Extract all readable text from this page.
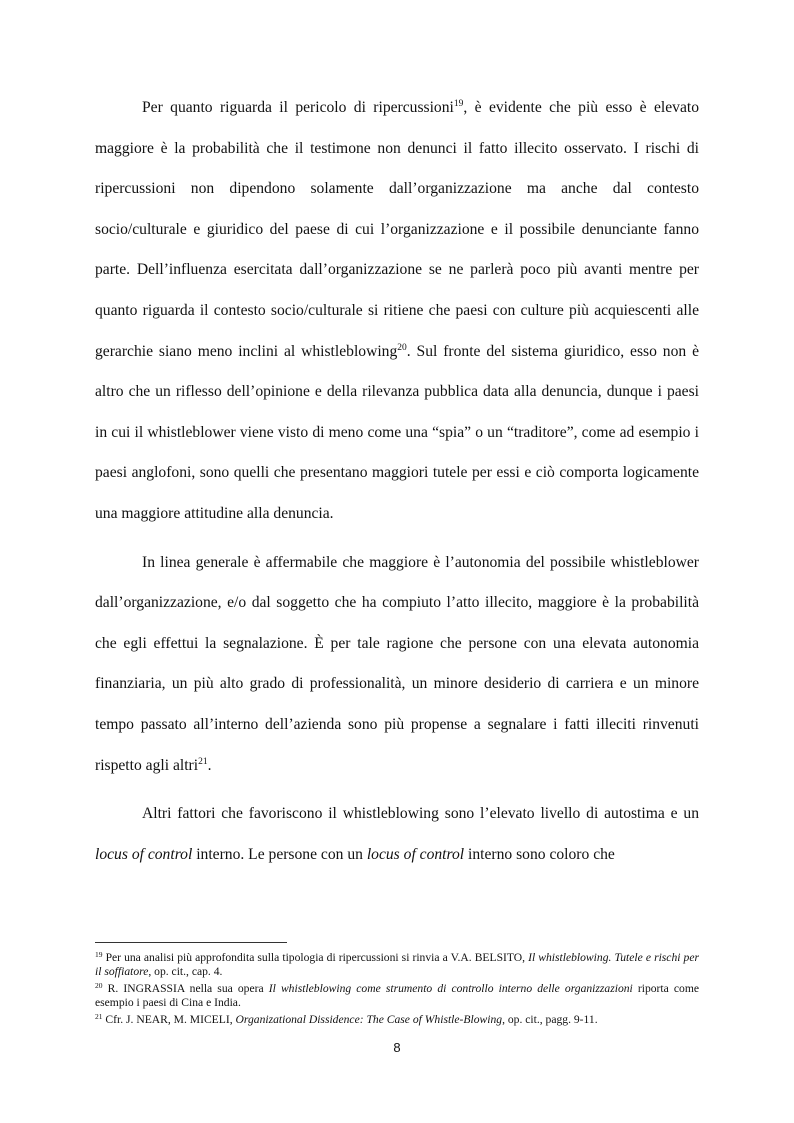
Per quanto riguarda il pericolo di ripercussioni$^{19}$, è evidente che più esso è elevato maggiore è la probabilità che il testimone non denunci il fatto illecito osservato. I rischi di ripercussioni non dipendono solamente dall’organizzazione ma anche dal contesto socio/culturale e giuridico del paese di cui l’organizzazione e il possibile denunciante fanno parte. Dell’influenza esercitata dall’organizzazione se ne parlerà poco più avanti mentre per quanto riguarda il contesto socio/culturale si ritiene che paesi con culture più acquiescenti alle gerarchie siano meno inclini al whistleblowing$^{20}$. Sul fronte del sistema giuridico, esso non è altro che un riflesso dell’opinione e della rilevanza pubblica data alla denuncia, dunque i paesi in cui il whistleblower viene visto di meno come una “spia” o un “traditore”, come ad esempio i paesi anglofoni, sono quelli che presentano maggiori tutele per essi e ciò comporta logicamente una maggiore attitudine alla denuncia.

In linea generale è affermabile che maggiore è l’autonomia del possibile whistleblower dall’organizzazione, e/o dal soggetto che ha compiuto l’atto illecito, maggiore è la probabilità che egli effettui la segnalazione. È per tale ragione che persone con una elevata autonomia finanziaria, un più alto grado di professionalità, un minore desiderio di carriera e un minore tempo passato all’interno dell’azienda sono più propense a segnalare i fatti illeciti rinvenuti rispetto agli altri$^{21}$.

Altri fattori che favoriscono il whistleblowing sono l’elevato livello di autostima e un locus of control interno. Le persone con un locus of control interno sono coloro che

$^{19}$ Per una analisi più approfondita sulla tipologia di ripercussioni si rinvia a V.A. BELSITO, Il whistleblowing. Tutele e rischi per il soffiatore, op. cit., cap. 4.

$^{20}$ R. INGRASSIA nella sua opera Il whistleblowing come strumento di controllo interno delle organizzazioni riporta come esempio i paesi di Cina e India.

$^{21}$ Cfr. J. NEAR, M. MICELI, Organizational Dissidence: The Case of Whistle-Blowing, op. cit., pagg. 9-11.

8
